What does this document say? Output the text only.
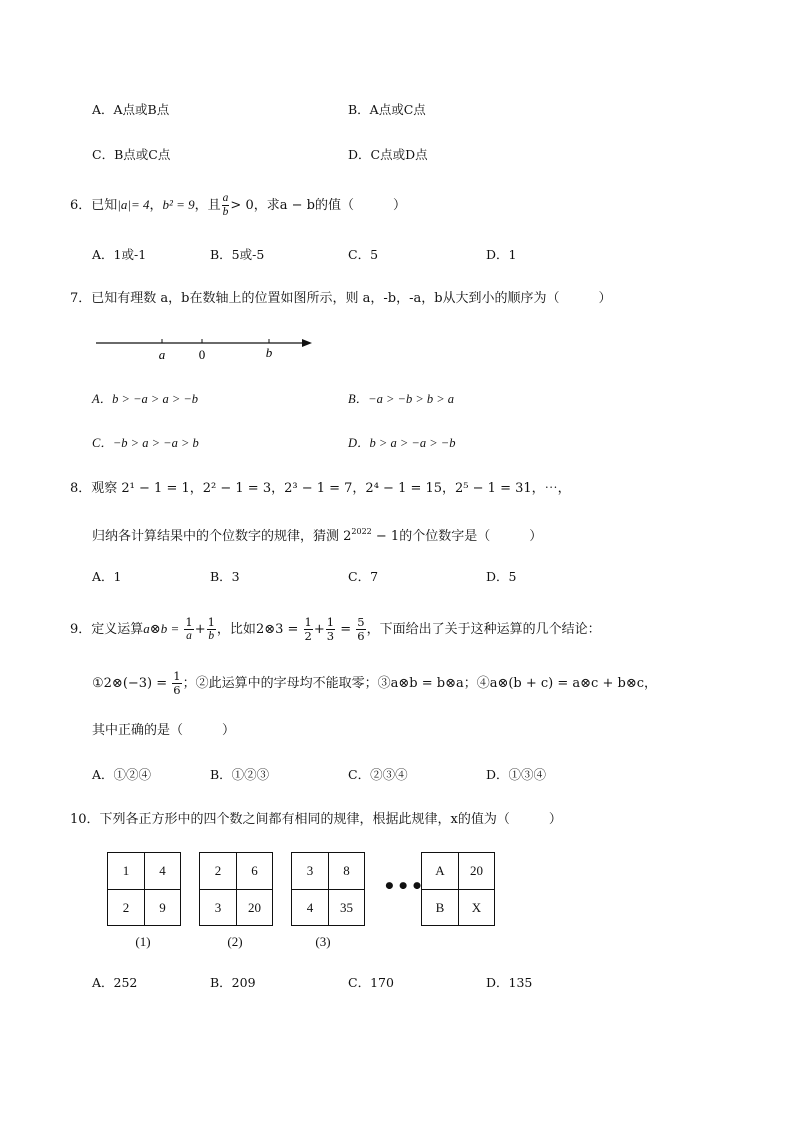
A．A点或B点	B．A点或C点
C．B点或C点	D．C点或D点
6．已知|a|= 4，b² = 9，且 $\frac{a}{b} > 0$，求a − b的值（　　　）
A．1或-1	B．5或-5	C．5	D．1
7．已知有理数 a，b在数轴上的位置如图所示，则 a，-b，-a，b从大到小的顺序为（　　　）
a	0	b
A．b > −a > a > −b	B．−a > −b > b > a
C．−b > a > −a > b	D．b > a > −a > −b
8．观察 2¹ − 1 = 1，2² − 1 = 3，2³ − 1 = 7，2⁴ − 1 = 15，2⁵ − 1 = 31，⋯，
归纳各计算结果中的个位数字的规律，猜测 $2^{2022} - 1$的个位数字是（　　　）
A．1	B．3	C．7	D．5
9．定义运算a⊗b = $\frac{1}{a} + \frac{1}{b}$ ，比如2⊗3 = $\frac{1}{2} + \frac{1}{3} = \frac{5}{6}$ ，下面给出了关于这种运算的几个结论：
①2⊗(−3) = $\frac{1}{6}$ ；②此运算中的字母均不能取零；③a⊗b = b⊗a；④a⊗(b + c) = a⊗c + b⊗c，
其中正确的是（　　　）
A．①②④	B．①②③	C．②③④	D．①③④
10．下列各正方形中的四个数之间都有相同的规律，根据此规律，x的值为（　　　）
1	4
2	9
(1)
2	6
3	20
(2)
3	8
4	35
(3)
•••
A	20
B	X
A．252	B．209	C．170	D．135
